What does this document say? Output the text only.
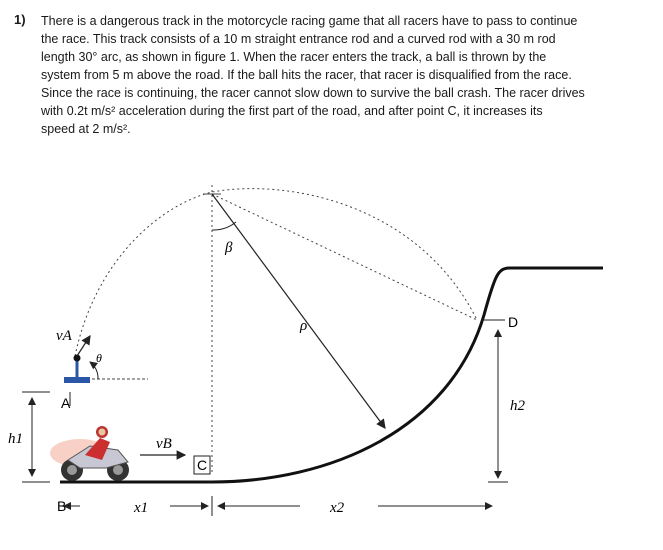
1) There is a dangerous track in the motorcycle racing game that all racers have to pass to continue
the race. This track consists of a 10 m straight entrance rod and a curved rod with a 30 m rod
length 30° arc, as shown in figure 1. When the racer enters the track, a ball is thrown by the
system from 5 m above the road. If the ball hits the racer, that racer is disqualified from the race.
Since the race is continuing, the racer cannot slow down to survive the ball crash. The racer drives
with 0.2t m/s² acceleration during the first part of the road, and after point C, it increases its
speed at 2 m/s².
vA
θ
A
h1	vB
C
B	x1	x2
β
ρ	D
h2
